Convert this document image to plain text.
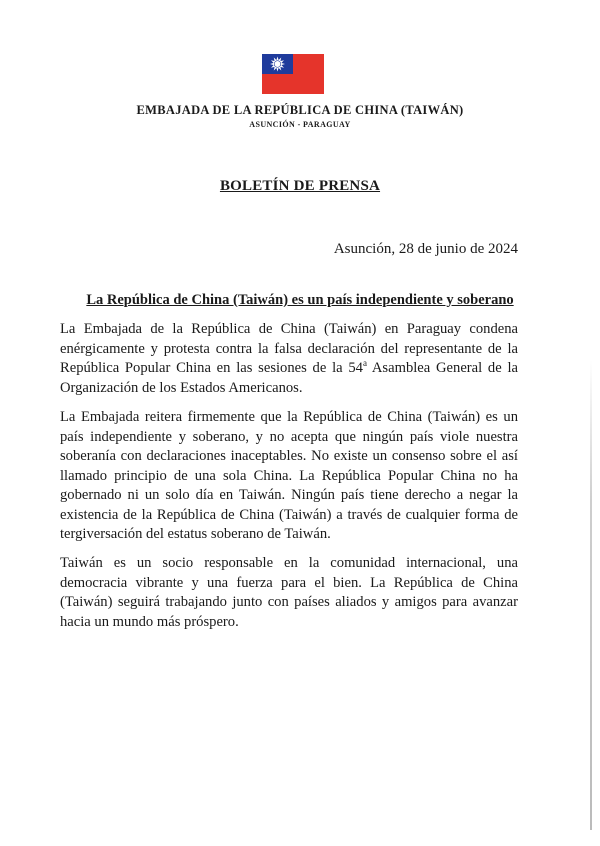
EMBAJADA DE LA REPÚBLICA DE CHINA (TAIWÁN)
ASUNCIÓN - PARAGUAY
BOLETÍN DE PRENSA
Asunción, 28 de junio de 2024
La República de China (Taiwán) es un país independiente y soberano

La Embajada de la República de China (Taiwán) en Paraguay condena enérgicamente y protesta contra la falsa declaración del representante de la República Popular China en las sesiones de la 54$^a$ Asamblea General de la Organización de los Estados Americanos.

La Embajada reitera firmemente que la República de China (Taiwán) es un país independiente y soberano, y no acepta que ningún país viole nuestra soberanía con declaraciones inaceptables. No existe un consenso sobre el así llamado principio de una sola China. La República Popular China no ha gobernado ni un solo día en Taiwán. Ningún país tiene derecho a negar la existencia de la República de China (Taiwán) a través de cualquier forma de tergiversación del estatus soberano de Taiwán.

Taiwán es un socio responsable en la comunidad internacional, una democracia vibrante y una fuerza para el bien. La República de China (Taiwán) seguirá trabajando junto con países aliados y amigos para avanzar hacia un mundo más próspero.
